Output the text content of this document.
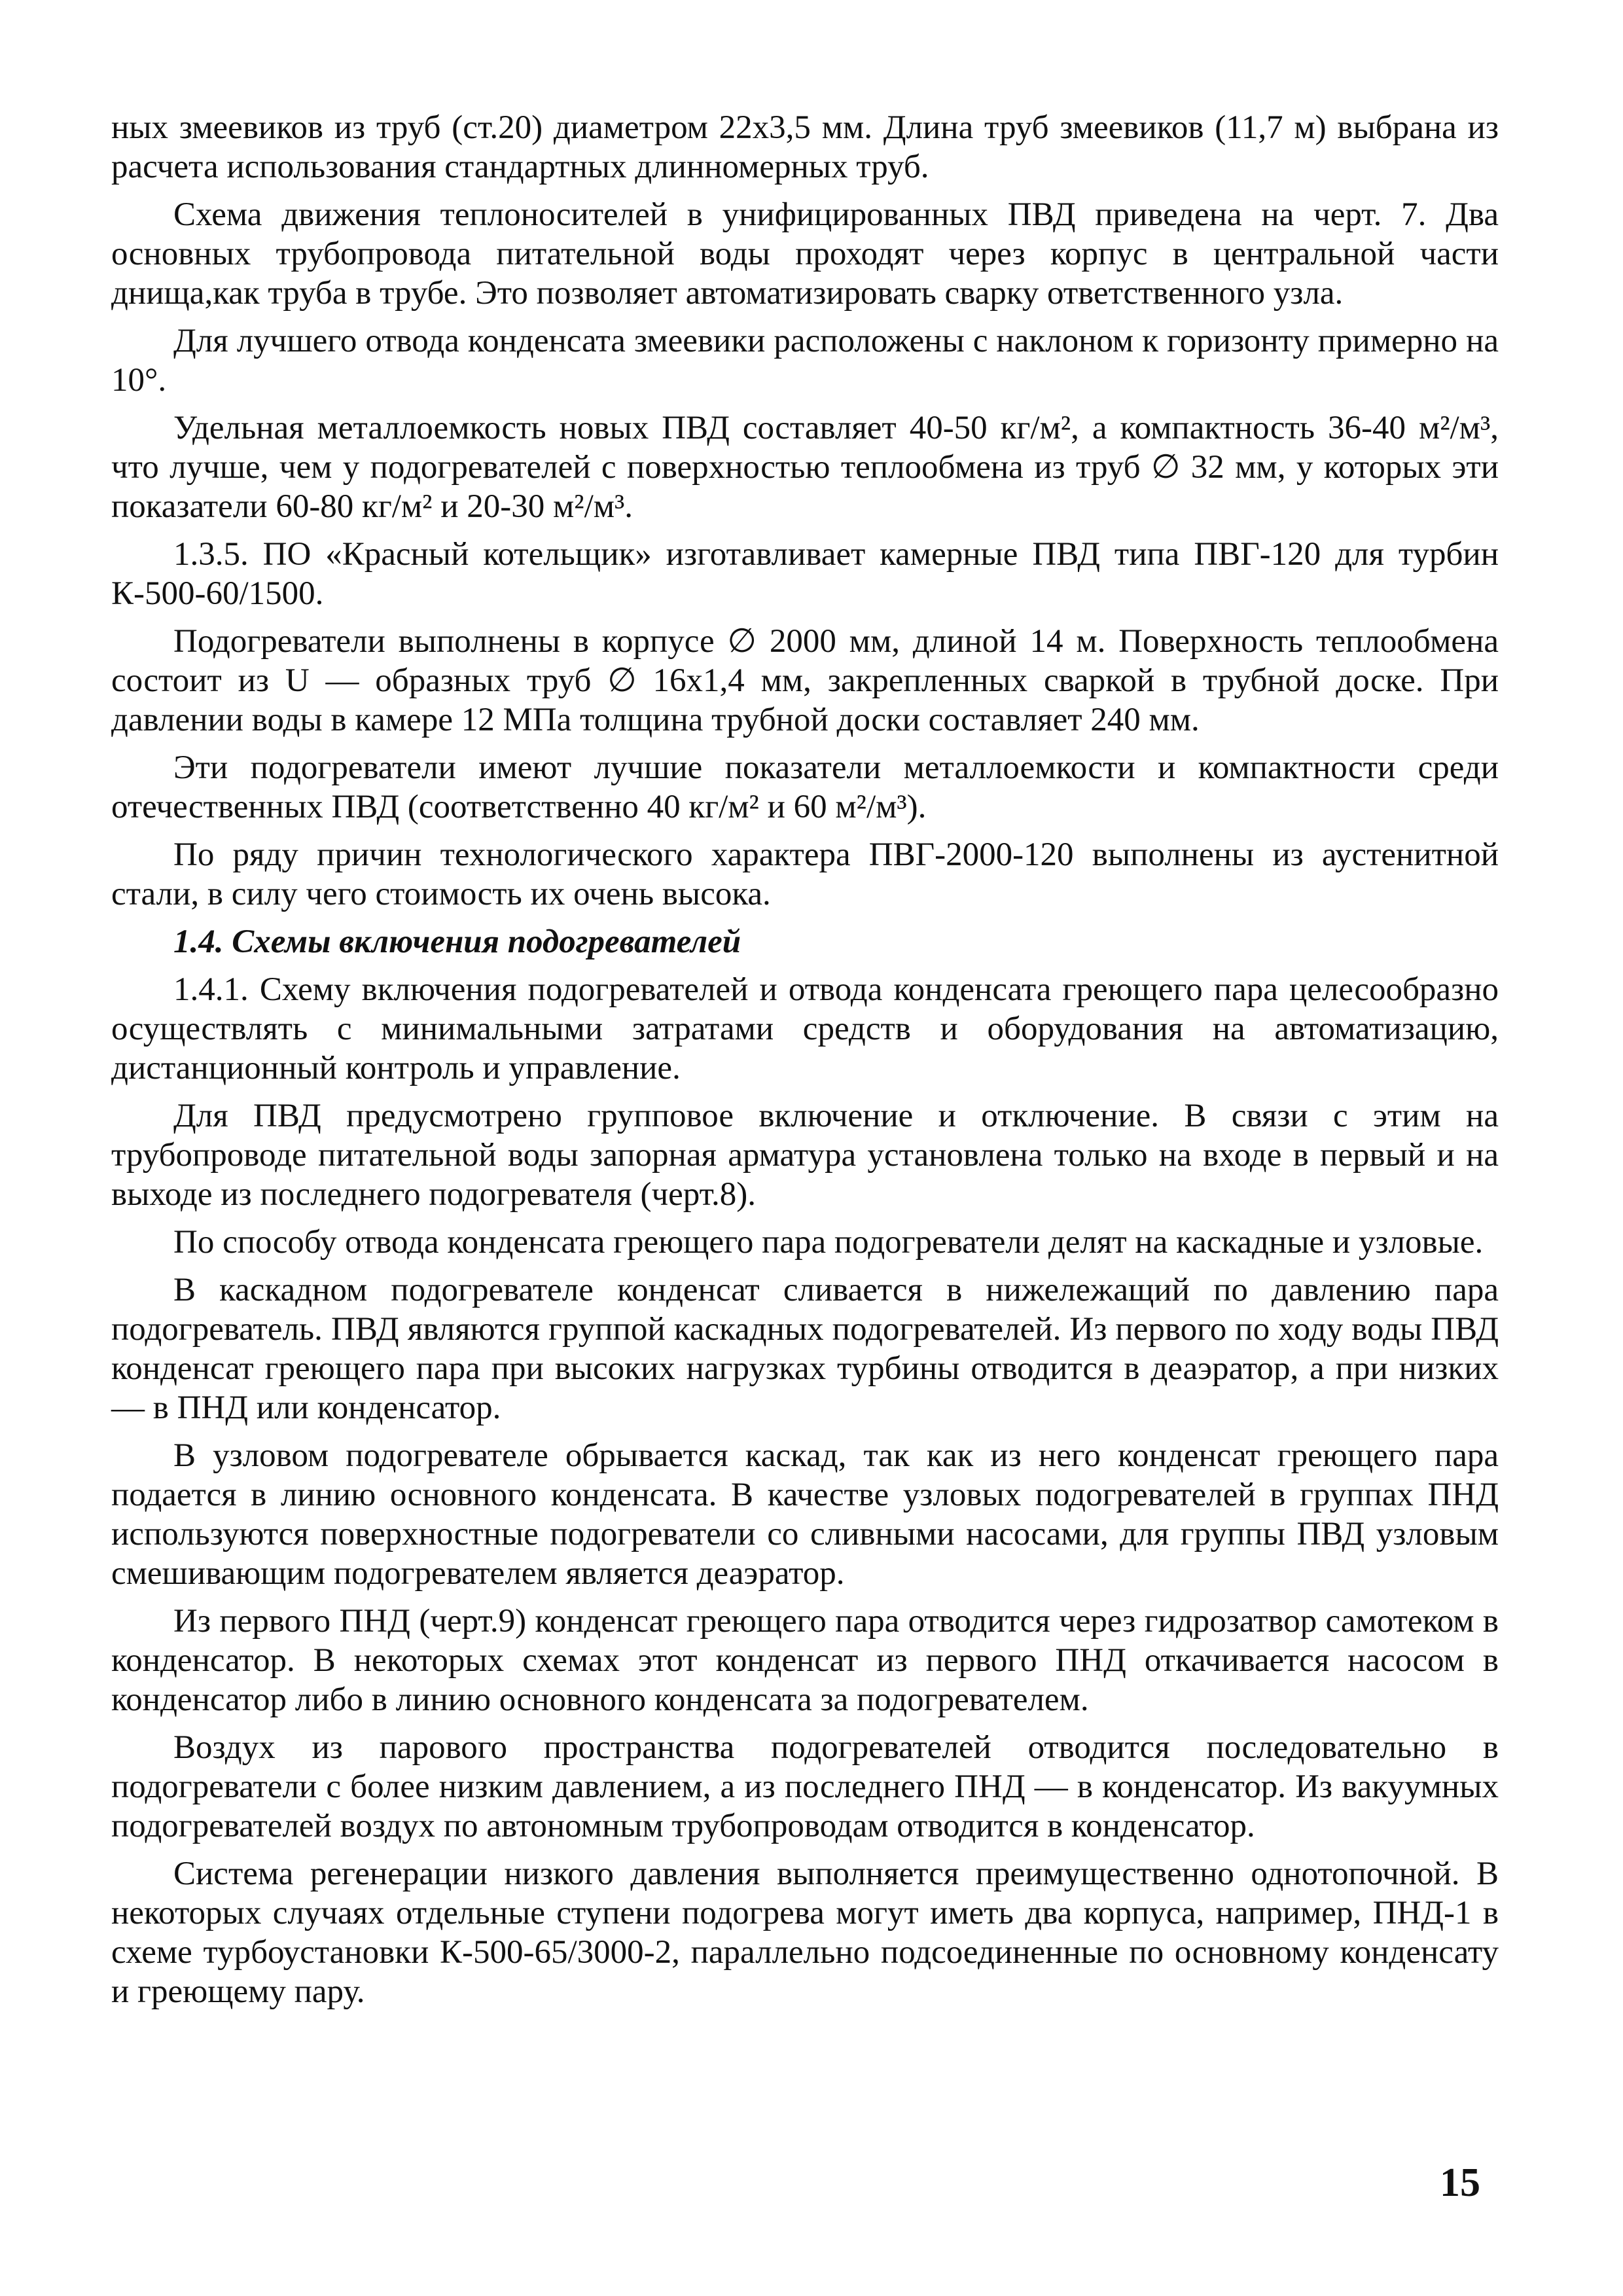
ных змеевиков из труб (ст.20) диаметром 22х3,5 мм. Длина труб змеевиков (11,7 м) выбрана из расчета использования стандартных длинномерных труб.

Схема движения теплоносителей в унифицированных ПВД приведена на черт. 7. Два основных трубопровода питательной воды проходят через корпус в центральной части днища,как труба в трубе. Это позволяет автоматизировать сварку ответственного узла.

Для лучшего отвода конденсата змеевики расположены с наклоном к горизонту примерно на 10°.

Удельная металлоемкость новых ПВД составляет 40-50 кг/м², а компактность 36-40 м²/м³, что лучше, чем у подогревателей с поверхностью теплообмена из труб ∅ 32 мм, у которых эти показатели 60-80 кг/м² и 20-30 м²/м³.

1.3.5. ПО «Красный котельщик» изготавливает камерные ПВД типа ПВГ-120 для турбин К-500-60/1500.

Подогреватели выполнены в корпусе ∅ 2000 мм, длиной 14 м. Поверхность теплообмена состоит из U — образных труб ∅ 16х1,4 мм, закрепленных сваркой в трубной доске. При давлении воды в камере 12 МПа толщина трубной доски составляет 240 мм.

Эти подогреватели имеют лучшие показатели металлоемкости и компактности среди отечественных ПВД (соответственно 40 кг/м² и 60 м²/м³).

По ряду причин технологического характера ПВГ-2000-120 выполнены из аустенитной стали, в силу чего стоимость их очень высока.

1.4. Схемы включения подогревателей

1.4.1. Схему включения подогревателей и отвода конденсата греющего пара целесообразно осуществлять с минимальными затратами средств и оборудования на автоматизацию, дистанционный контроль и управление.

Для ПВД предусмотрено групповое включение и отключение. В связи с этим на трубопроводе питательной воды запорная арматура установлена только на входе в первый и на выходе из последнего подогревателя (черт.8).

По способу отвода конденсата греющего пара подогреватели делят на каскадные и узловые.

В каскадном подогревателе конденсат сливается в нижележащий по давлению пара подогреватель. ПВД являются группой каскадных подогревателей. Из первого по ходу воды ПВД конденсат греющего пара при высоких нагрузках турбины отводится в деаэратор, а при низких — в ПНД или конденсатор.

В узловом подогревателе обрывается каскад, так как из него конденсат греющего пара подается в линию основного конденсата. В качестве узловых подогревателей в группах ПНД используются поверхностные подогреватели со сливными насосами, для группы ПВД узловым смешивающим подогревателем является деаэратор.

Из первого ПНД (черт.9) конденсат греющего пара отводится через гидрозатвор самотеком в конденсатор. В некоторых схемах этот конденсат из первого ПНД откачивается насосом в конденсатор либо в линию основного конденсата за подогревателем.

Воздух из парового пространства подогревателей отводится последовательно в подогреватели с более низким давлением, а из последнего ПНД — в конденсатор. Из вакуумных подогревателей воздух по автономным трубопроводам отводится в конденсатор.

Система регенерации низкого давления выполняется преимущественно однотопочной. В некоторых случаях отдельные ступени подогрева могут иметь два корпуса, например, ПНД-1 в схеме турбоустановки К-500-65/3000-2, параллельно подсоединенные по основному конденсату и греющему пару.

15
